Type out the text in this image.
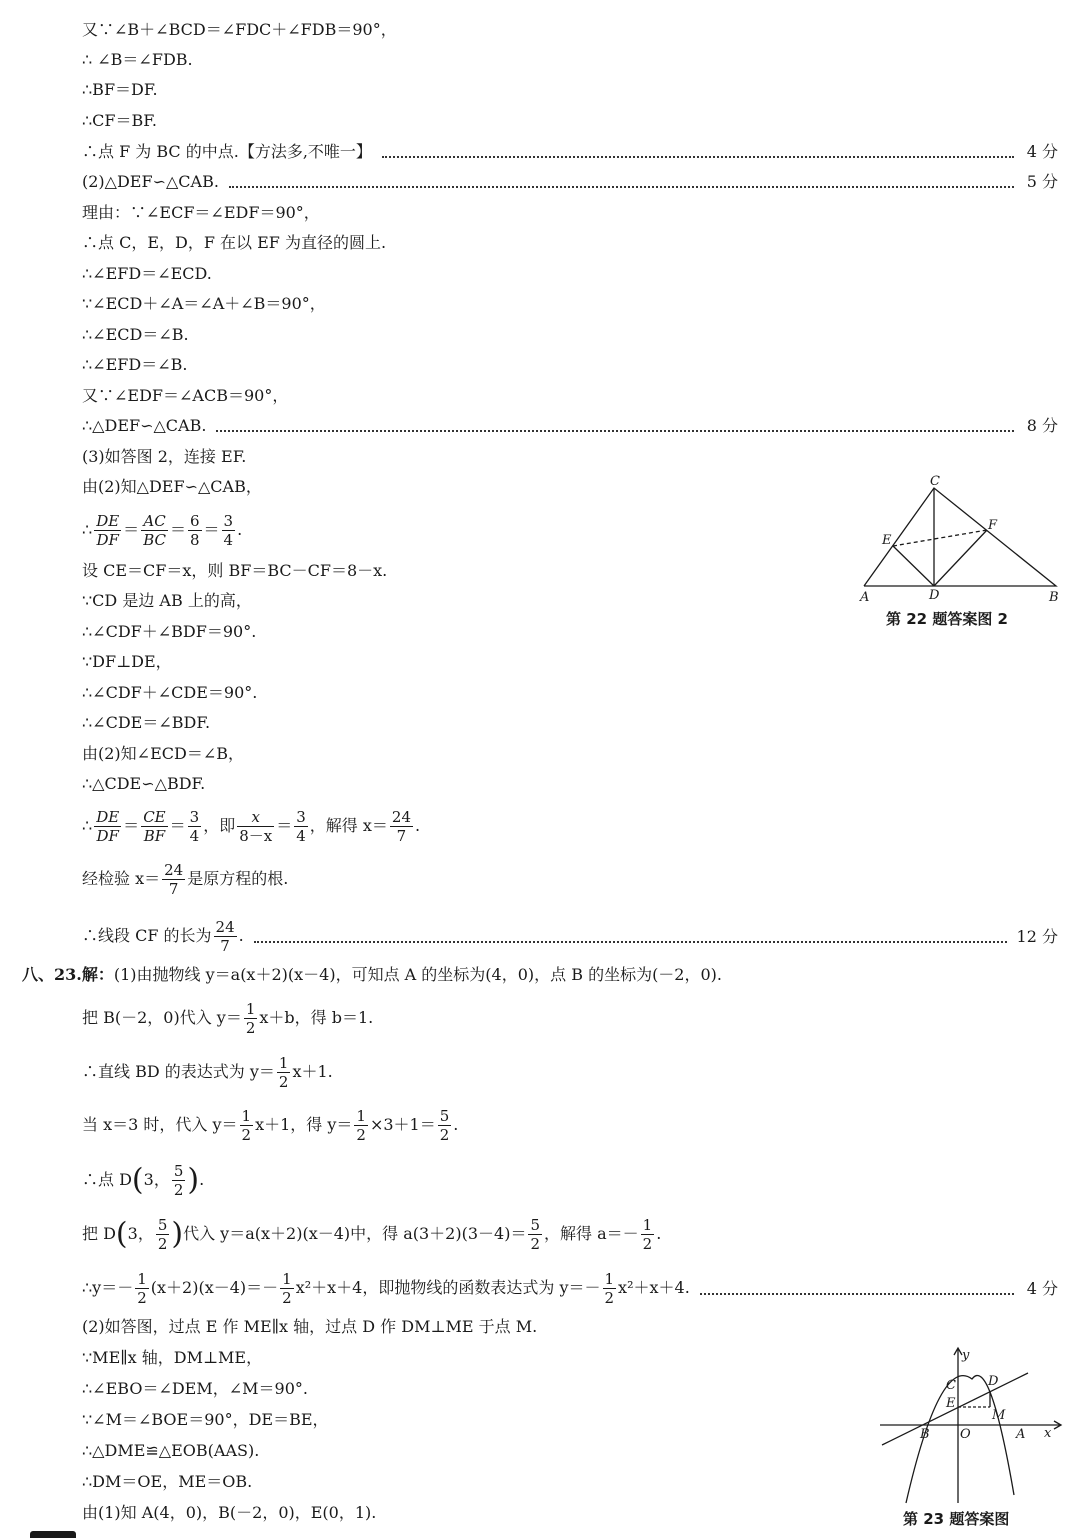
又∵∠B＋∠BCD＝∠FDC＋∠FDB＝90°，
∴ ∠B＝∠FDB.
∴BF＝DF.
∴CF＝BF.
∴点 F 为 BC 的中点.【方法多,不唯一】	4 分
(2)△DEF∽△CAB.	5 分
理由：∵∠ECF＝∠EDF＝90°，
∴点 C，E，D，F 在以 EF 为直径的圆上.
∴∠EFD＝∠ECD.
∵∠ECD＋∠A＝∠A＋∠B＝90°，
∴∠ECD＝∠B.
∴∠EFD＝∠B.
又∵∠EDF＝∠ACB＝90°，
∴△DEF∽△CAB.	8 分
(3)如答图 2，连接 EF.
由(2)知△DEF∽△CAB，
∴ $\frac{DE}{DF} = \frac{AC}{BC} = \frac{6}{8} = \frac{3}{4}$ .
设 CE＝CF＝x，则 BF＝BC－CF＝8－x.
∵CD 是边 AB 上的高，
∴∠CDF＋∠BDF＝90°.
∵DF⊥DE，
∴∠CDF＋∠CDE＝90°.
∴∠CDE＝∠BDF.
由(2)知∠ECD＝∠B，
∴△CDE∽△BDF.
∴ $\frac{DE}{DF} = \frac{CE}{BF} = \frac{3}{4}$ ，即 $\frac{x}{8-x} = \frac{3}{4}$ ，解得 $x= \frac{24}{7}$ .
经检验 $x= \frac{24}{7}$ 是原方程的根.
∴线段 CF 的长为 $\frac{24}{7}$ .	12 分
C
E
F
A	D	B
第 22 题答案图 2
八、23.解：(1)由抛物线 y＝a(x＋2)(x－4)，可知点 A 的坐标为(4，0)，点 B 的坐标为(－2，0).
把 B(－2，0)代入 $y= \frac{1}{2} x+b$，得 b＝1.
∴直线 BD 的表达式为 $y= \frac{1}{2} x+1$.
当 x＝3 时，代入 $y= \frac{1}{2} x+1$，得 $y= \frac{1}{2} \times 3+1= \frac{5}{2}$ .
∴点 D(3， $\frac{5}{2}$ ).
把 D(3， $\frac{5}{2}$ )代入 y＝a(x＋2)(x－4)中，得 $a(3+2)(3-4)= \frac{5}{2}$ ，解得 $a=- \frac{1}{2}$ .
∴y＝－ $\frac{1}{2} (x+2)(x-4)=- \frac{1}{2} x^2+x+4$，即抛物线的函数表达式为 $y=- \frac{1}{2} x^2+x+4$.	4 分
(2)如答图，过点 E 作 ME∥x 轴，过点 D 作 DM⊥ME 于点 M.
∵ME∥x 轴，DM⊥ME，
∴∠EBO＝∠DEM，∠M＝90°.
∵∠M＝∠BOE＝90°，DE＝BE，
∴△DME≌△EOB(AAS).
∴DM＝OE，ME＝OB.
由(1)知 A(4，0)，B(－2，0)，E(0，1).
y
C D
E
M
B O	A x
第 23 题答案图
